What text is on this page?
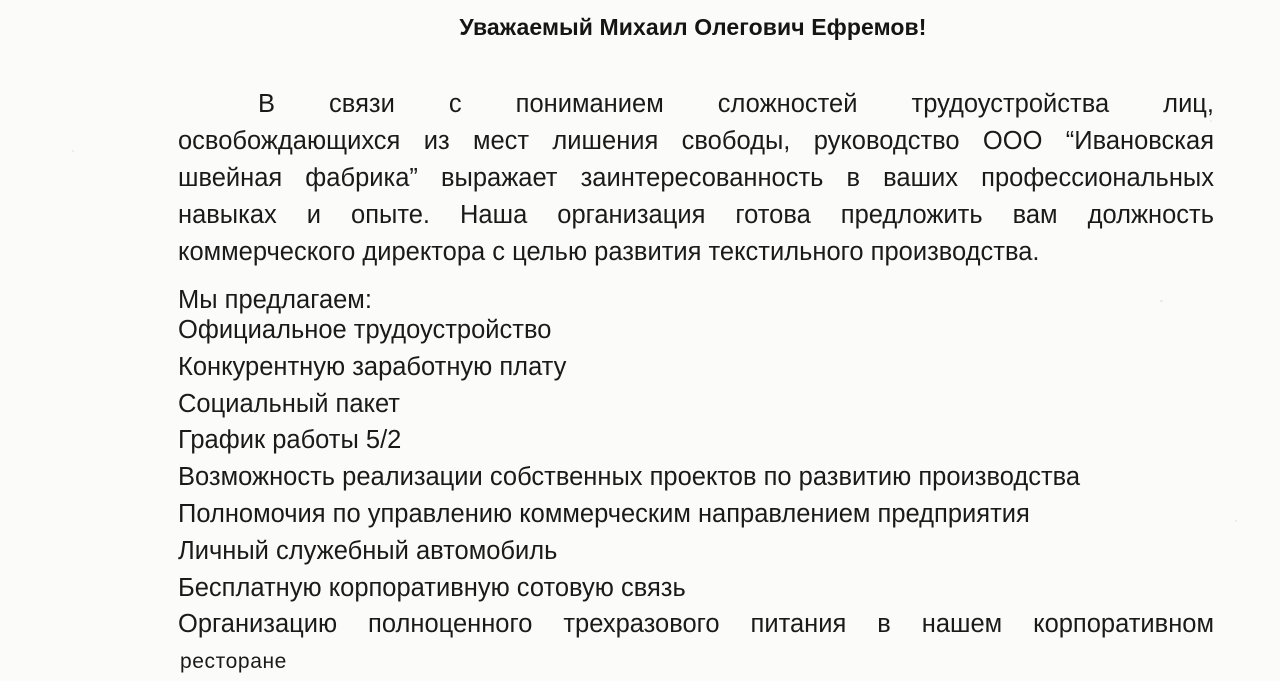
Уважаемый Михаил Олегович Ефремов!
В связи с пониманием сложностей трудоустройства лиц,
освобождающихся из мест лишения свободы, руководство ООО “Ивановская
швейная фабрика” выражает заинтересованность в ваших профессиональных
навыках и опыте. Наша организация готова предложить вам должность
коммерческого директора с целью развития текстильного производства.
Мы предлагаем:
Официальное трудоустройство
Конкурентную заработную плату
Социальный пакет
График работы 5/2
Возможность реализации собственных проектов по развитию производства
Полномочия по управлению коммерческим направлением предприятия
Личный служебный автомобиль
Бесплатную корпоративную сотовую связь
Организацию полноценного трехразового питания в нашем корпоративном
ресторане
